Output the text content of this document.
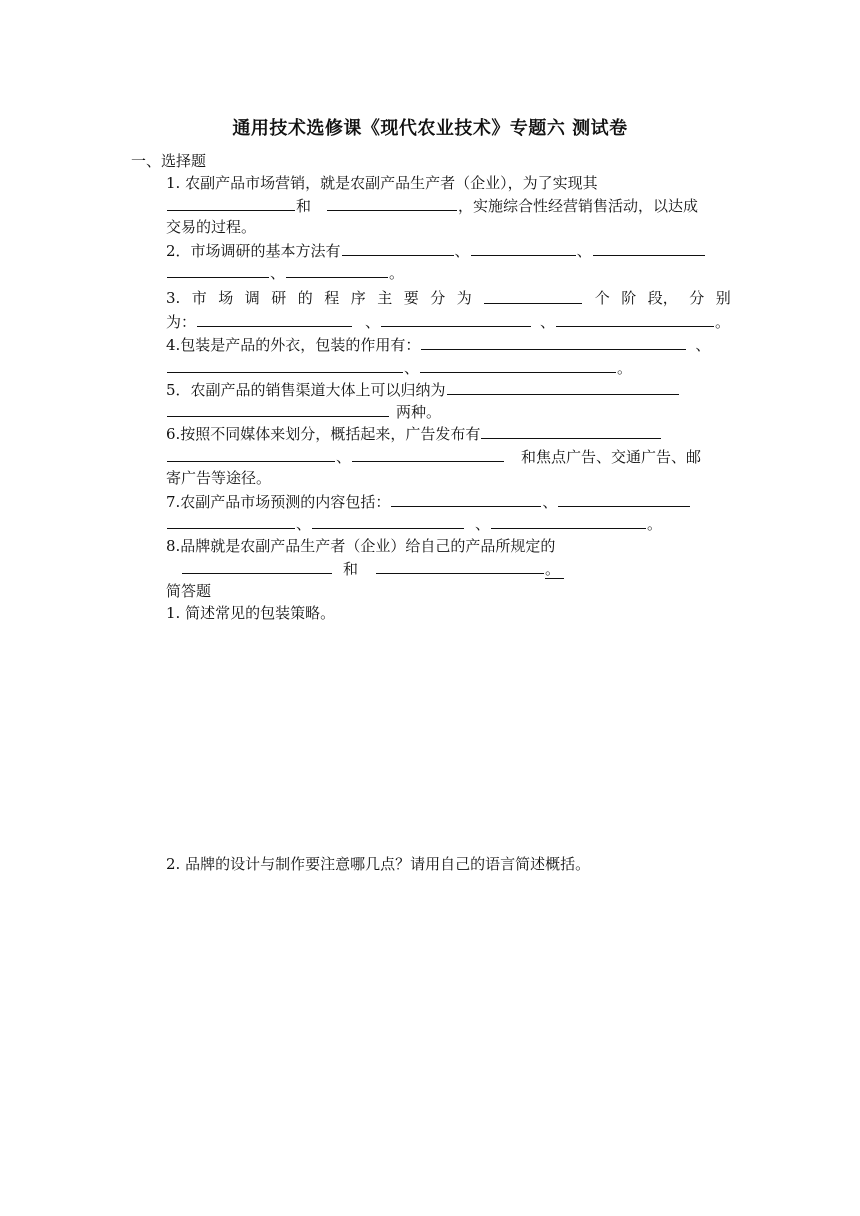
通用技术选修课《现代农业技术》专题六 测试卷
一、选择题
1. 农副产品市场营销，就是农副产品生产者（企业），为了实现其
和	，实施综合性经营销售活动，以达成
交易的过程。
2．市场调研的基本方法有	、	、
、	。
3. 市 场 调 研 的 程 序 主 要 分 为	个 阶 段， 分 别
为：	、	、	。
4.包装是产品的外衣，包装的作用有：	、
、	。
5．农副产品的销售渠道大体上可以归纳为
两种。
6.按照不同媒体来划分，概括起来，广告发布有
、	和焦点广告、交通广告、邮
寄广告等途径。
7.农副产品市场预测的内容包括：	、
、	、	。
8.品牌就是农副产品生产者（企业）给自己的产品所规定的
和	。
简答题
1. 简述常见的包装策略。
2. 品牌的设计与制作要注意哪几点？请用自己的语言简述概括。
